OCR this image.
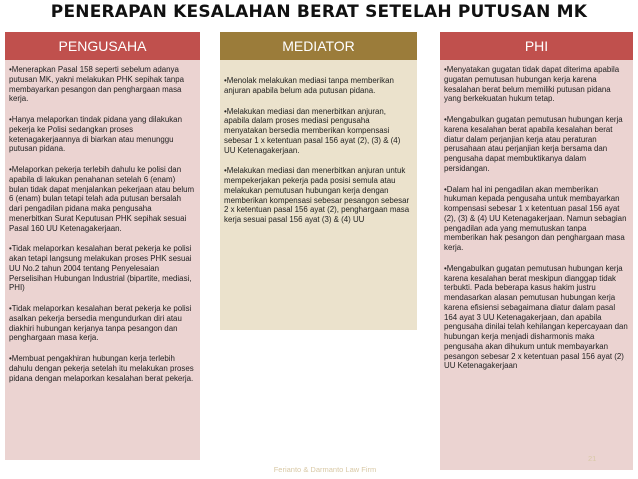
PENERAPAN KESALAHAN BERAT SETELAH PUTUSAN MK
PENGUSAHA
•Menerapkan Pasal 158 seperti sebelum adanya putusan MK, yakni melakukan PHK sepihak tanpa membayarkan pesangon dan penghargaan masa kerja.
•Hanya melaporkan tindak pidana yang dilakukan pekerja ke Polisi sedangkan proses ketenagakerjaannya di biarkan atau menunggu putusan pidana.
•Melaporkan pekerja terlebih dahulu ke polisi dan apabila di lakukan penahanan setelah 6 (enam) bulan tidak dapat menjalankan pekerjaan atau belum 6 (enam) bulan tetapi telah ada putusan bersalah dari pengadilan pidana maka pengusaha menerbitkan Surat Keputusan PHK sepihak sesuai Pasal 160 UU Ketenagakerjaan.
•Tidak melaporkan kesalahan berat pekerja ke polisi akan tetapi langsung melakukan proses PHK sesuai UU No.2 tahun 2004 tentang Penyelesaian Perselisihan Hubungan Industrial (bipartite, mediasi, PHI)
•Tidak melaporkan kesalahan berat pekerja ke polisi asalkan pekerja bersedia mengundurkan diri atau diakhiri hubungan kerjanya tanpa pesangon dan penghargaan masa kerja.
•Membuat pengakhiran hubungan kerja terlebih dahulu dengan pekerja setelah itu melakukan proses pidana dengan melaporkan kesalahan berat pekerja.
MEDIATOR
•Menolak melakukan mediasi tanpa memberikan anjuran apabila belum ada putusan pidana.
•Melakukan mediasi dan menerbitkan anjuran, apabila dalam proses mediasi pengusaha menyatakan bersedia memberikan kompensasi sebesar 1 x ketentuan pasal 156 ayat (2), (3) & (4) UU Ketenagakerjaan.
•Melakukan mediasi dan menerbitkan anjuran untuk mempekerjakan pekerja pada posisi semula atau melakukan pemutusan hubungan kerja dengan memberikan kompensasi sebesar pesangon sebesar 2 x ketentuan pasal 156 ayat (2), penghargaan masa kerja sesuai pasal 156 ayat (3) & (4) UU
PHI
•Menyatakan gugatan tidak dapat diterima apabila gugatan pemutusan hubungan kerja karena kesalahan berat belum memiliki putusan pidana yang berkekuatan hukum tetap.
•Mengabulkan gugatan pemutusan hubungan kerja karena kesalahan berat apabila kesalahan berat diatur dalam perjanjian kerja atau peraturan perusahaan atau perjanjian kerja bersama dan pengusaha dapat membuktikanya dalam persidangan.
•Dalam hal ini pengadilan akan memberikan hukuman kepada pengusaha untuk membayarkan kompensasi sebesar 1 x ketentuan pasal 156 ayat (2), (3) & (4) UU Ketenagakerjaan. Namun sebagian pengadilan ada yang memutuskan tanpa memberikan hak pesangon dan penghargaan masa kerja.
•Mengabulkan gugatan pemutusan hubungan kerja karena kesalahan berat meskipun dianggap tidak terbukti. Pada beberapa kasus hakim justru mendasarkan alasan pemutusan hubungan kerja karena efisiensi sebagaimana diatur dalam pasal 164 ayat 3 UU Ketenagakerjaan, dan apabila pengusaha dinilai telah kehilangan kepercayaan dan hubungan kerja menjadi disharmonis maka pengusaha akan dihukum untuk membayarkan pesangon sebesar 2 x ketentuan pasal 156 ayat (2) UU Ketenagakerjaan
Ferianto & Darmanto Law Firm
21
